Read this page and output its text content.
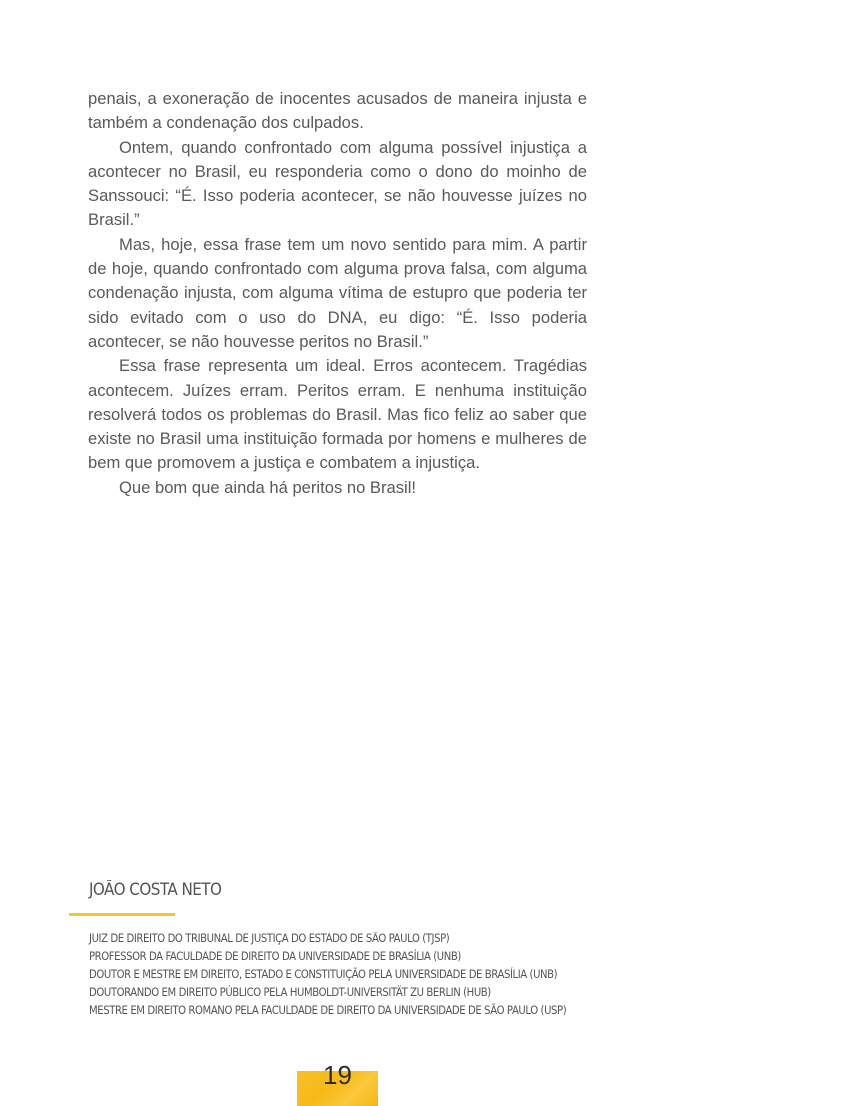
penais, a exoneração de inocentes acusados de maneira injusta e também a condenação dos culpados.

Ontem, quando confrontado com alguma possível injustiça a acontecer no Brasil, eu responderia como o dono do moinho de Sanssouci: “É. Isso poderia acontecer, se não houvesse juízes no Brasil.”

Mas, hoje, essa frase tem um novo sentido para mim. A partir de hoje, quando confrontado com alguma prova falsa, com alguma condenação injusta, com alguma vítima de estupro que poderia ter sido evitado com o uso do DNA, eu digo: “É. Isso poderia acontecer, se não houvesse peritos no Brasil.”

Essa frase representa um ideal. Erros acontecem. Tragédias acontecem. Juízes erram. Peritos erram. E nenhuma instituição resolverá todos os problemas do Brasil. Mas fico feliz ao saber que existe no Brasil uma instituição formada por homens e mulheres de bem que promovem a justiça e combatem a injustiça.

Que bom que ainda há peritos no Brasil!

JOÃO COSTA NETO
JUIZ DE DIREITO DO TRIBUNAL DE JUSTIÇA DO ESTADO DE SÃO PAULO (TJSP)
PROFESSOR DA FACULDADE DE DIREITO DA UNIVERSIDADE DE BRASÍLIA (UNB)
DOUTOR E MESTRE EM DIREITO, ESTADO E CONSTITUIÇÃO PELA UNIVERSIDADE DE BRASÍLIA (UNB)
DOUTORANDO EM DIREITO PÚBLICO PELA HUMBOLDT-UNIVERSITÄT ZU BERLIN (HUB)
MESTRE EM DIREITO ROMANO PELA FACULDADE DE DIREITO DA UNIVERSIDADE DE SÃO PAULO (USP)
19
